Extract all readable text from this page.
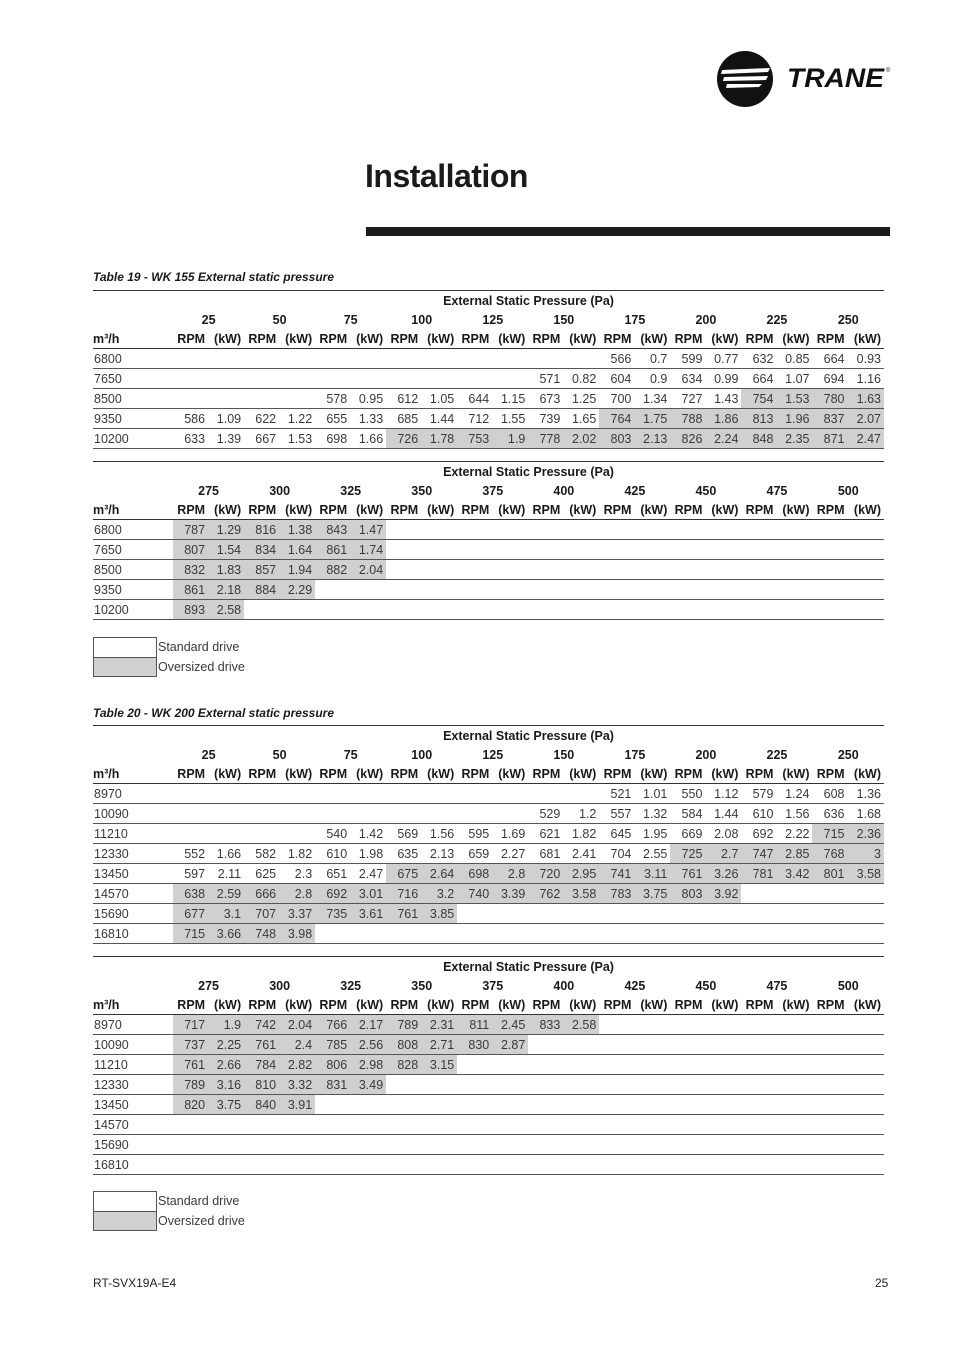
TRANE ®
Installation
Table 19 - WK 155 External static pressure
	External Static Pressure (Pa)																			
	25		50		75		100		125		150		175		200		225		250	
m³/h	RPM	(kW)	RPM	(kW)	RPM	(kW)	RPM	(kW)	RPM	(kW)	RPM	(kW)	RPM	(kW)	RPM	(kW)	RPM	(kW)	RPM	(kW)
6800													566	0.7	599	0.77	632	0.85	664	0.93
7650											571	0.82	604	0.9	634	0.99	664	1.07	694	1.16
8500					578	0.95	612	1.05	644	1.15	673	1.25	700	1.34	727	1.43	754	1.53	780	1.63
9350	586	1.09	622	1.22	655	1.33	685	1.44	712	1.55	739	1.65	764	1.75	788	1.86	813	1.96	837	2.07
10200	633	1.39	667	1.53	698	1.66	726	1.78	753	1.9	778	2.02	803	2.13	826	2.24	848	2.35	871	2.47
	External Static Pressure (Pa)																			
	275		300		325		350		375		400		425		450		475		500	
m³/h	RPM	(kW)	RPM	(kW)	RPM	(kW)	RPM	(kW)	RPM	(kW)	RPM	(kW)	RPM	(kW)	RPM	(kW)	RPM	(kW)	RPM	(kW)
6800	787	1.29	816	1.38	843	1.47														
7650	807	1.54	834	1.64	861	1.74														
8500	832	1.83	857	1.94	882	2.04														
9350	861	2.18	884	2.29																
10200	893	2.58																		
Standard drive
Oversized drive
Table 20 - WK 200 External static pressure
	External Static Pressure (Pa)																			
	25		50		75		100		125		150		175		200		225		250	
m³/h	RPM	(kW)	RPM	(kW)	RPM	(kW)	RPM	(kW)	RPM	(kW)	RPM	(kW)	RPM	(kW)	RPM	(kW)	RPM	(kW)	RPM	(kW)
8970													521	1.01	550	1.12	579	1.24	608	1.36
10090											529	1.2	557	1.32	584	1.44	610	1.56	636	1.68
11210					540	1.42	569	1.56	595	1.69	621	1.82	645	1.95	669	2.08	692	2.22	715	2.36
12330	552	1.66	582	1.82	610	1.98	635	2.13	659	2.27	681	2.41	704	2.55	725	2.7	747	2.85	768	3
13450	597	2.11	625	2.3	651	2.47	675	2.64	698	2.8	720	2.95	741	3.11	761	3.26	781	3.42	801	3.58
14570	638	2.59	666	2.8	692	3.01	716	3.2	740	3.39	762	3.58	783	3.75	803	3.92				
15690	677	3.1	707	3.37	735	3.61	761	3.85												
16810	715	3.66	748	3.98																
	External Static Pressure (Pa)																			
	275		300		325		350		375		400		425		450		475		500	
m³/h	RPM	(kW)	RPM	(kW)	RPM	(kW)	RPM	(kW)	RPM	(kW)	RPM	(kW)	RPM	(kW)	RPM	(kW)	RPM	(kW)	RPM	(kW)
8970	717	1.9	742	2.04	766	2.17	789	2.31	811	2.45	833	2.58								
10090	737	2.25	761	2.4	785	2.56	808	2.71	830	2.87										
11210	761	2.66	784	2.82	806	2.98	828	3.15												
12330	789	3.16	810	3.32	831	3.49														
13450	820	3.75	840	3.91																
14570																				
15690																				
16810																				
Standard drive
Oversized drive
RT-SVX19A-E4	25
